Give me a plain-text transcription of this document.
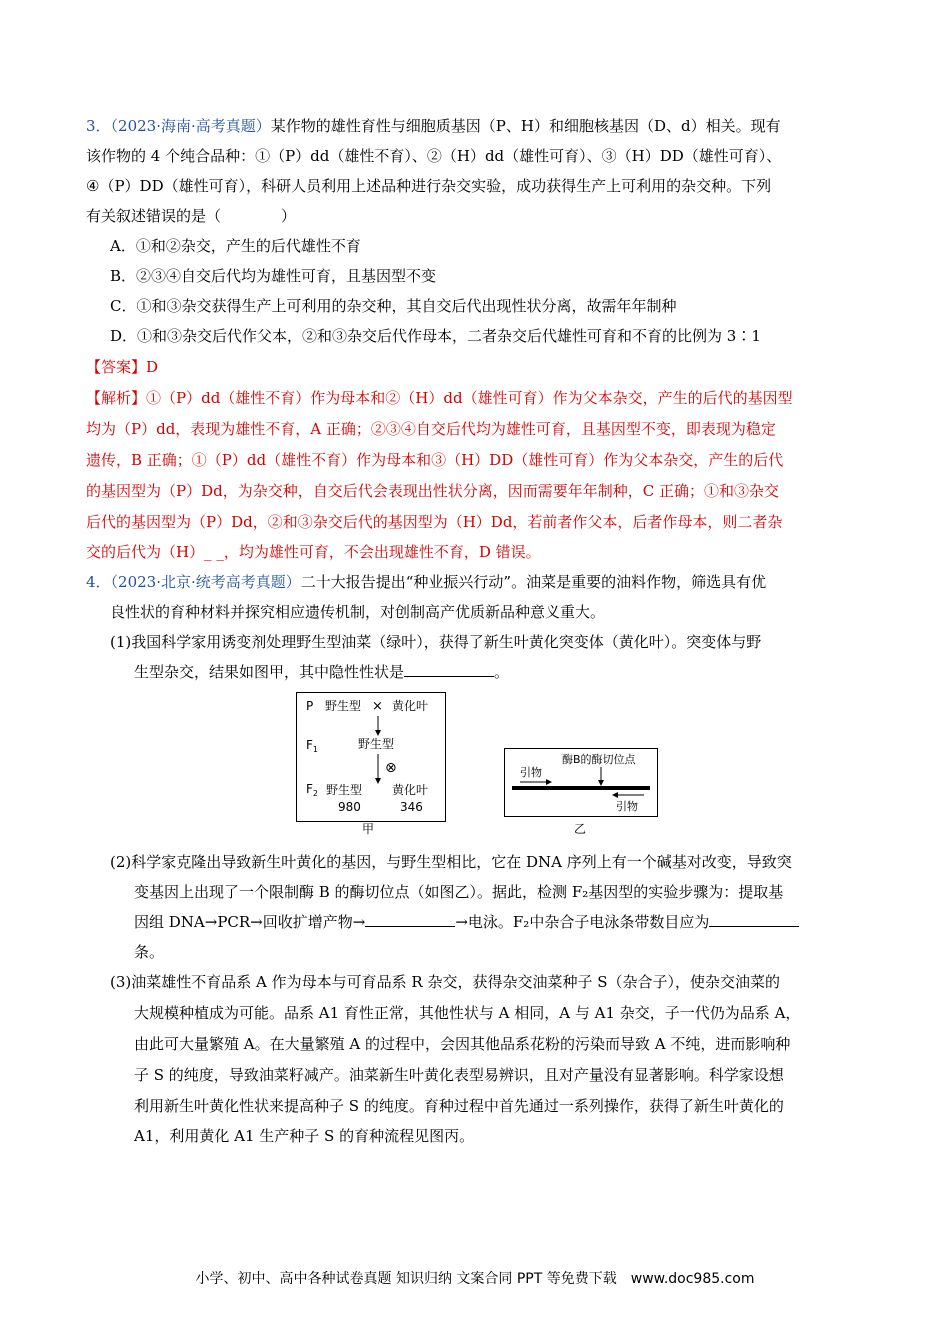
3．（2023·海南·高考真题）某作物的雄性育性与细胞质基因（P、H）和细胞核基因（D、d）相关。现有
该作物的 4 个纯合品种：①（P）dd（雄性不育）、②（H）dd（雄性可育）、③（H）DD（雄性可育）、
④（P）DD（雄性可育），科研人员利用上述品种进行杂交实验，成功获得生产上可利用的杂交种。下列
有关叙述错误的是（　　　　）
A．①和②杂交，产生的后代雄性不育
B．②③④自交后代均为雄性可育，且基因型不变
C．①和③杂交获得生产上可利用的杂交种，其自交后代出现性状分离，故需年年制种
D．①和③杂交后代作父本，②和③杂交后代作母本，二者杂交后代雄性可育和不育的比例为 3∶1
【答案】D
【解析】①（P）dd（雄性不育）作为母本和②（H）dd（雄性可育）作为父本杂交，产生的后代的基因型
均为（P）dd，表现为雄性不育，A 正确；②③④自交后代均为雄性可育，且基因型不变，即表现为稳定
遗传，B 正确；①（P）dd（雄性不育）作为母本和③（H）DD（雄性可育）作为父本杂交，产生的后代
的基因型为（P）Dd，为杂交种，自交后代会表现出性状分离，因而需要年年制种，C 正确；①和③杂交
后代的基因型为（P）Dd，②和③杂交后代的基因型为（H）Dd，若前者作父本，后者作母本，则二者杂
交的后代为（H）_ _，均为雄性可育，不会出现雄性不育，D 错误。
4．（2023·北京·统考高考真题）二十大报告提出“种业振兴行动”。油菜是重要的油料作物，筛选具有优
良性状的育种材料并探究相应遗传机制，对创制高产优质新品种意义重大。
(1)我国科学家用诱变剂处理野生型油菜（绿叶），获得了新生叶黄化突变体（黄化叶）。突变体与野
生型杂交，结果如图甲，其中隐性性状是	。
P 野生型 × 黄化叶
$F_1$	野生型
⊗
$F_2$ 野生型 黄化叶
980	346
甲
酶B的酶切位点
引物
引物
乙
(2)科学家克隆出导致新生叶黄化的基因，与野生型相比，它在 DNA 序列上有一个碱基对改变，导致突
变基因上出现了一个限制酶 B 的酶切位点（如图乙）。据此，检测 F₂基因型的实验步骤为：提取基
因组 DNA→PCR→回收扩增产物→	→电泳。F₂中杂合子电泳条带数目应为
条。
(3)油菜雄性不育品系 A 作为母本与可育品系 R 杂交，获得杂交油菜种子 S（杂合子），使杂交油菜的
大规模种植成为可能。品系 A1 育性正常，其他性状与 A 相同，A 与 A1 杂交，子一代仍为品系 A，
由此可大量繁殖 A。在大量繁殖 A 的过程中，会因其他品系花粉的污染而导致 A 不纯，进而影响种
子 S 的纯度，导致油菜籽减产。油菜新生叶黄化表型易辨识，且对产量没有显著影响。科学家设想
利用新生叶黄化性状来提高种子 S 的纯度。育种过程中首先通过一系列操作，获得了新生叶黄化的
A1，利用黄化 A1 生产种子 S 的育种流程见图丙。
小学、初中、高中各种试卷真题 知识归纳 文案合同 PPT 等免费下载 www.doc985.com
